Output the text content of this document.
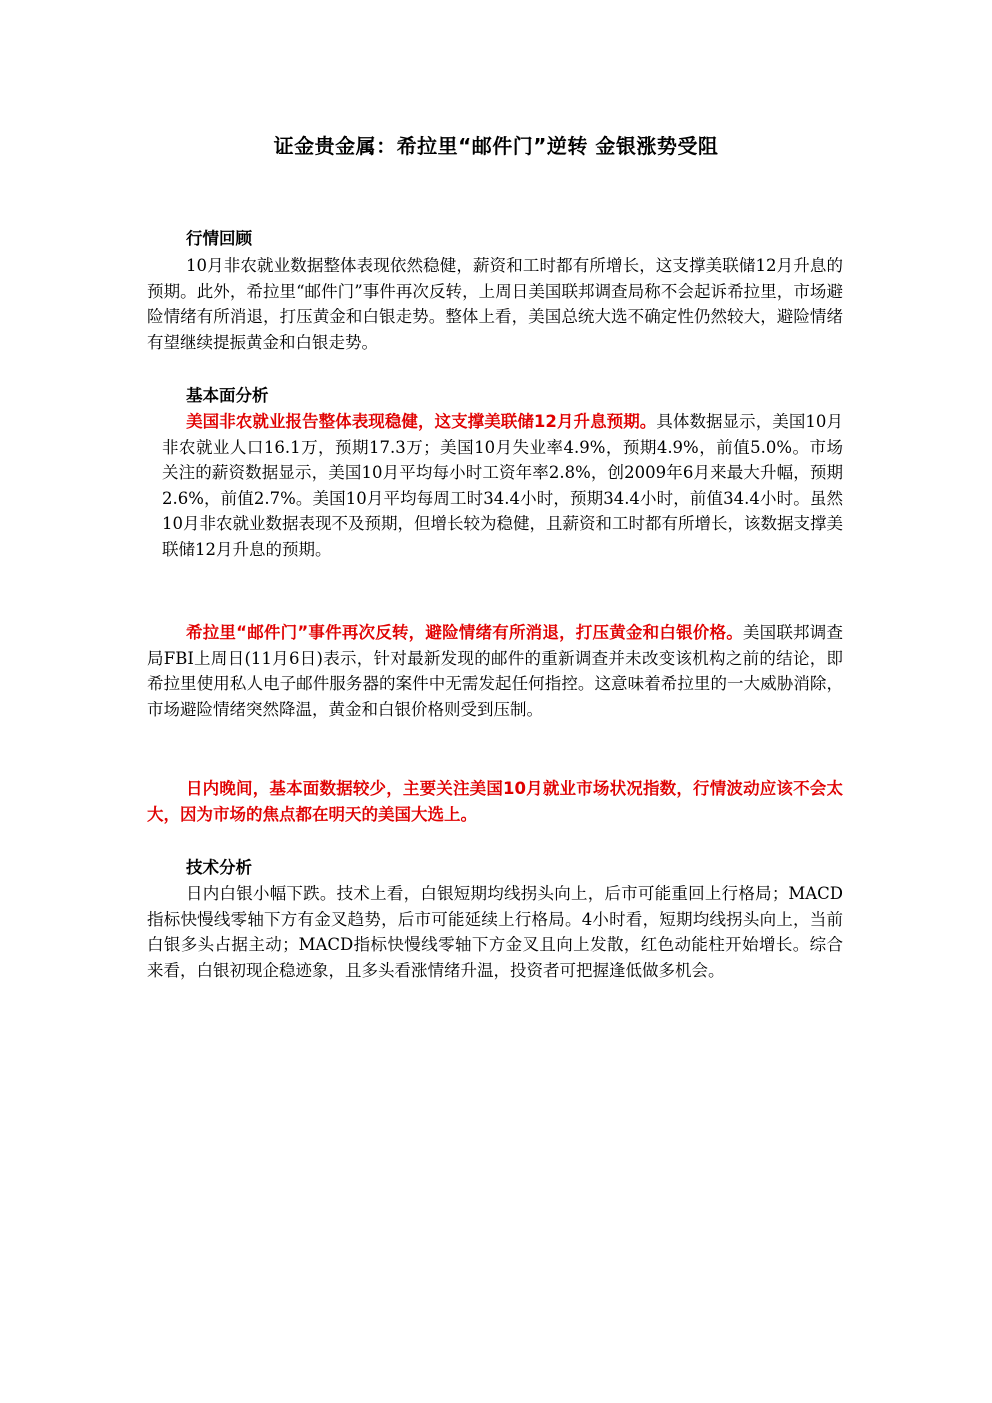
证金贵金属：希拉里“邮件门”逆转 金银涨势受阻
行情回顾
10月非农就业数据整体表现依然稳健，薪资和工时都有所增长，这支撑美联储12月升息的预期。此外，希拉里“邮件门”事件再次反转，上周日美国联邦调查局称不会起诉希拉里，市场避险情绪有所消退，打压黄金和白银走势。整体上看，美国总统大选不确定性仍然较大，避险情绪有望继续提振黄金和白银走势。
基本面分析
美国非农就业报告整体表现稳健，这支撑美联储12月升息预期。具体数据显示，美国10月非农就业人口16.1万，预期17.3万；美国10月失业率4.9%，预期4.9%，前值5.0%。市场关注的薪资数据显示，美国10月平均每小时工资年率2.8%，创2009年6月来最大升幅，预期2.6%，前值2.7%。美国10月平均每周工时34.4小时，预期34.4小时，前值34.4小时。虽然10月非农就业数据表现不及预期，但增长较为稳健，且薪资和工时都有所增长，该数据支撑美联储12月升息的预期。
希拉里“邮件门”事件再次反转，避险情绪有所消退，打压黄金和白银价格。美国联邦调查局FBI上周日(11月6日)表示，针对最新发现的邮件的重新调查并未改变该机构之前的结论，即希拉里使用私人电子邮件服务器的案件中无需发起任何指控。这意味着希拉里的一大威胁消除，市场避险情绪突然降温，黄金和白银价格则受到压制。
日内晚间，基本面数据较少，主要关注美国10月就业市场状况指数，行情波动应该不会太大，因为市场的焦点都在明天的美国大选上。
技术分析
日内白银小幅下跌。技术上看，白银短期均线拐头向上，后市可能重回上行格局；MACD指标快慢线零轴下方有金叉趋势，后市可能延续上行格局。4小时看，短期均线拐头向上，当前白银多头占据主动；MACD指标快慢线零轴下方金叉且向上发散，红色动能柱开始增长。综合来看，白银初现企稳迹象，且多头看涨情绪升温，投资者可把握逢低做多机会。
